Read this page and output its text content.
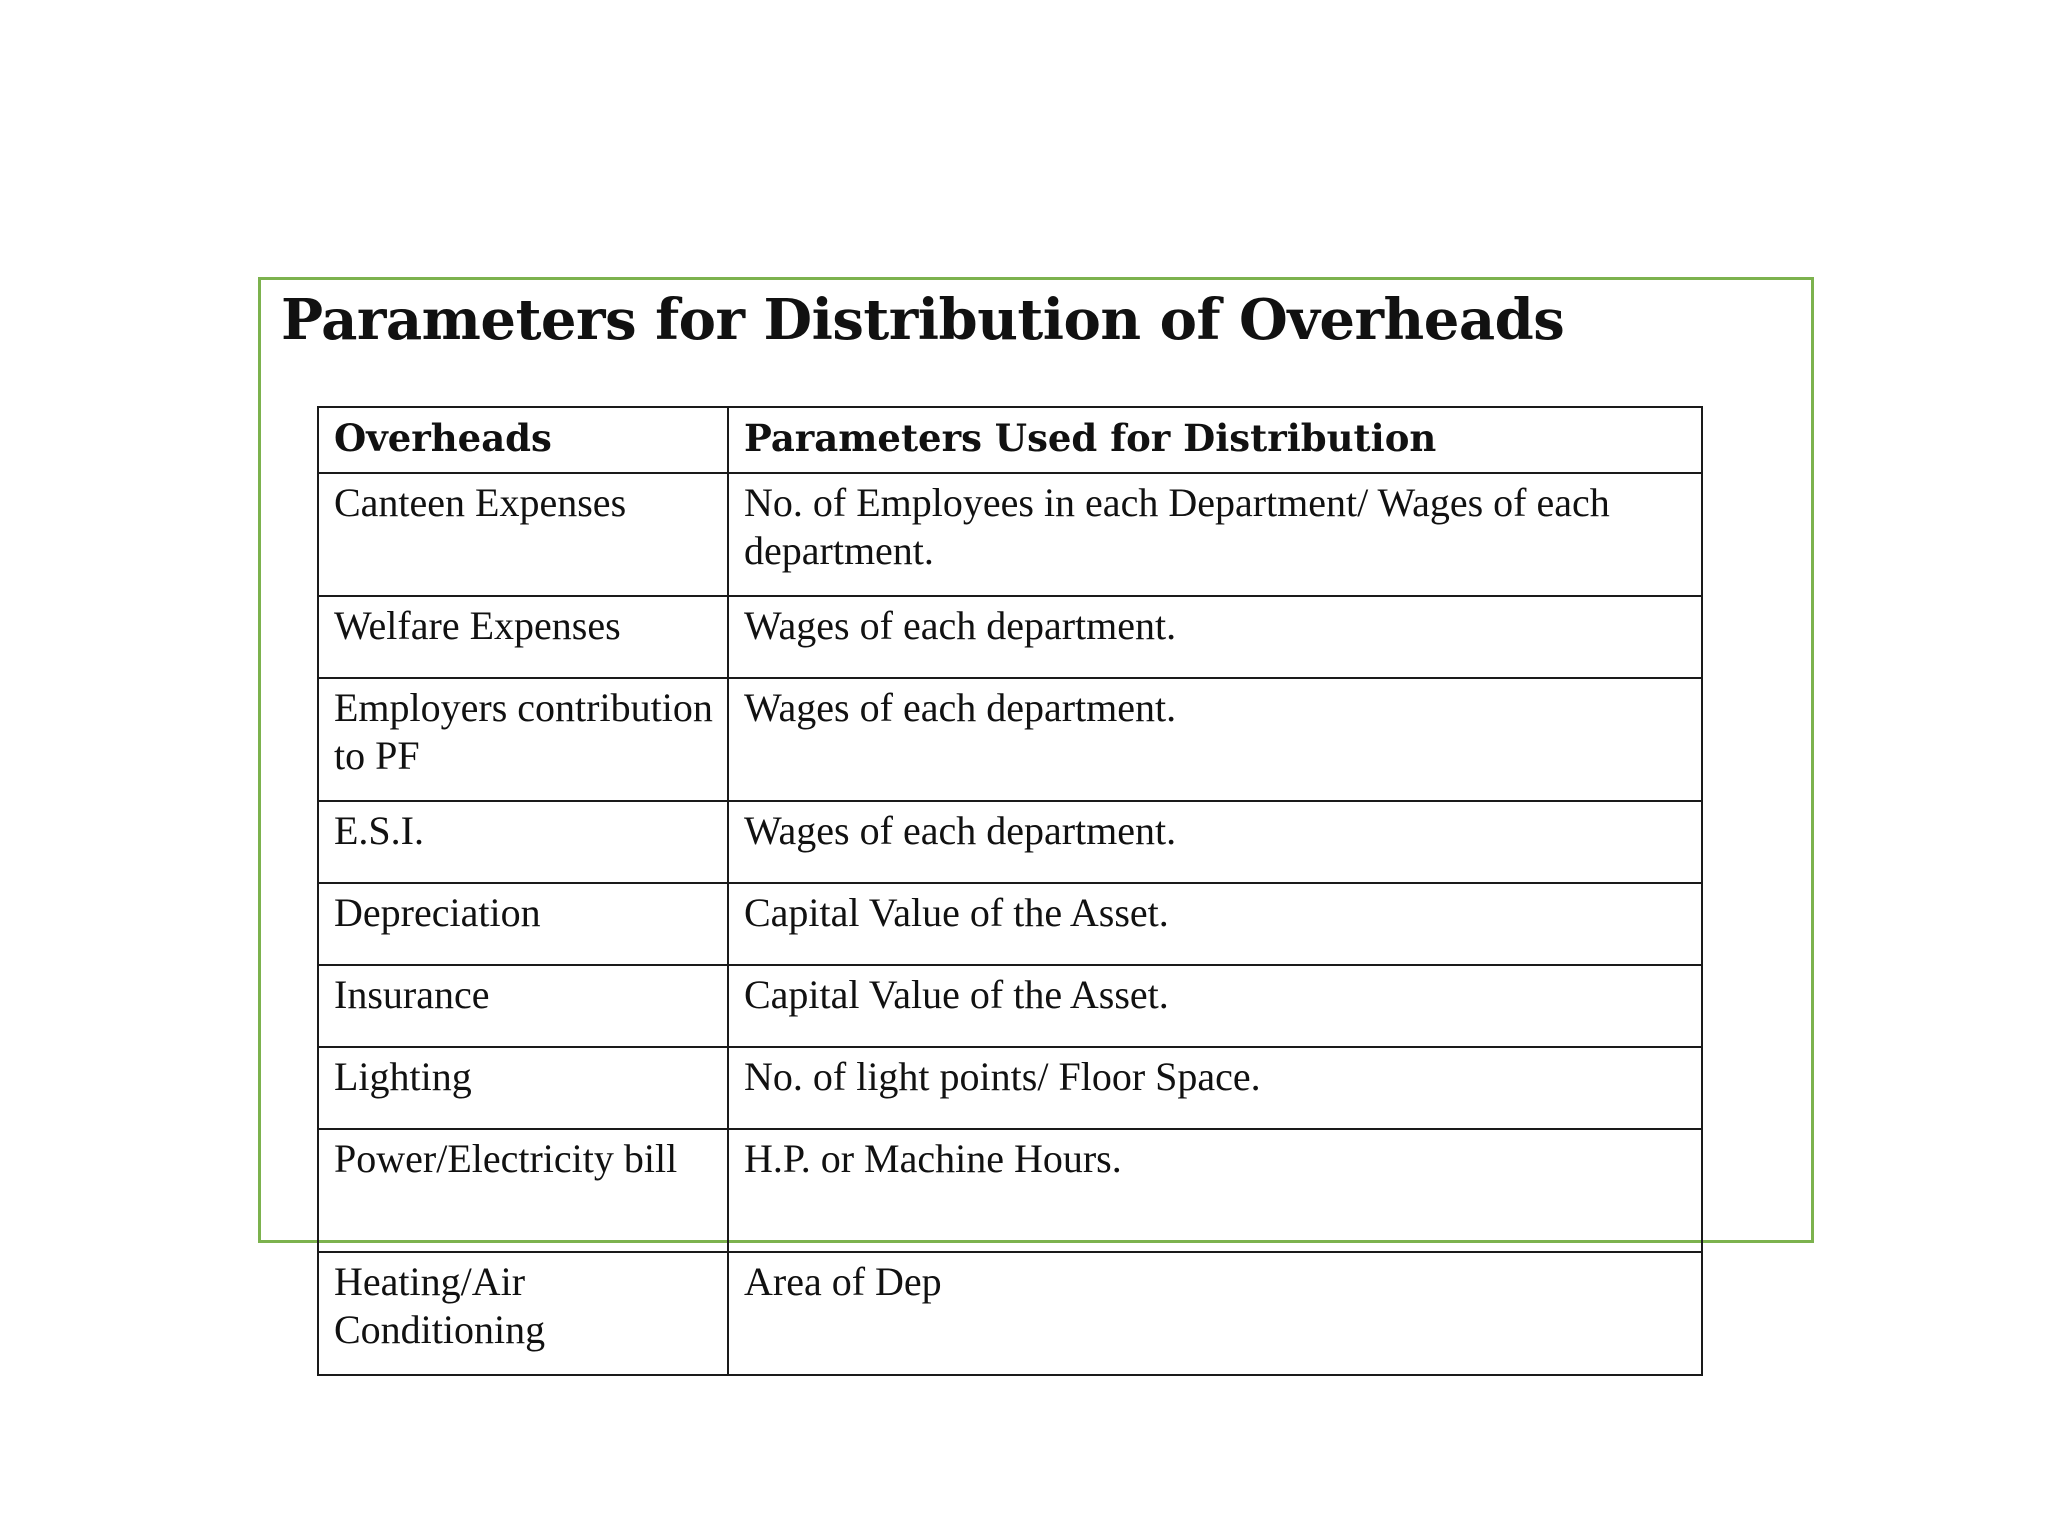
Parameters for Distribution of Overheads
Overheads	Parameters Used for Distribution
Canteen Expenses	No. of Employees in each Department/ Wages of each department.
Welfare Expenses	Wages of each department.
Employers contribution to PF	Wages of each department.
E.S.I.	Wages of each department.
Depreciation	Capital Value of the Asset.
Insurance	Capital Value of the Asset.
Lighting	No. of light points/ Floor Space.
Power/Electricity bill	H.P. or Machine Hours.
Heating/Air Conditioning	Area of Dep
